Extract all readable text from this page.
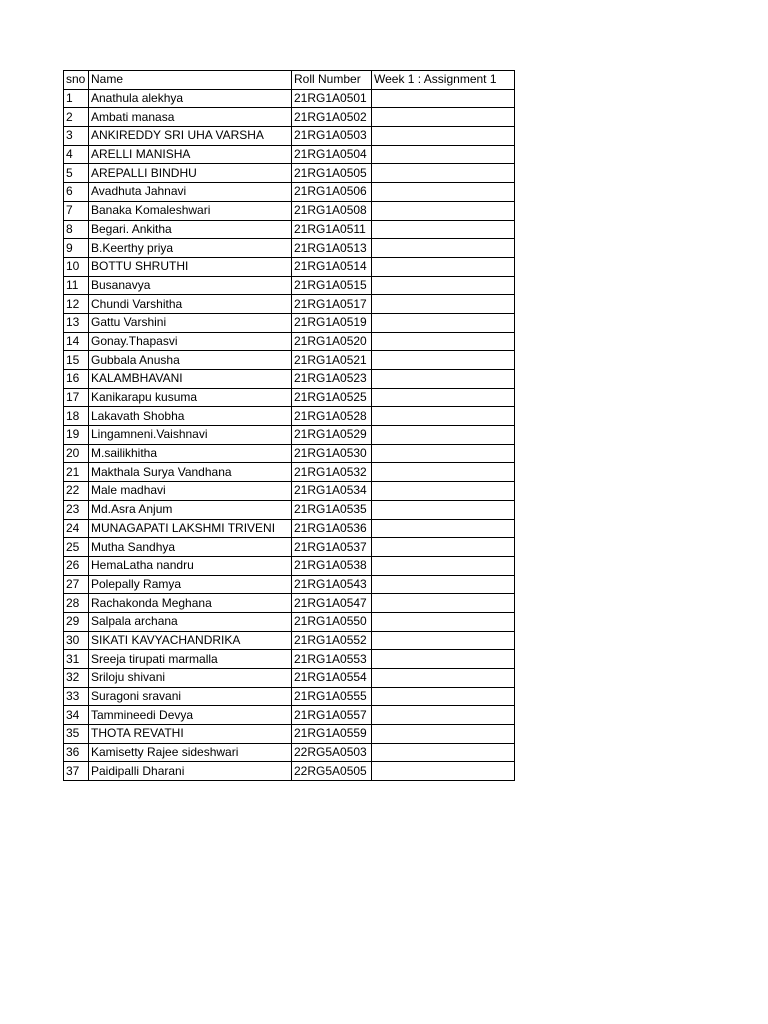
sno	Name	Roll Number	Week 1 : Assignment 1
1	Anathula alekhya	21RG1A0501	
2	Ambati manasa	21RG1A0502	
3	ANKIREDDY SRI UHA VARSHA	21RG1A0503	
4	ARELLI MANISHA	21RG1A0504	
5	AREPALLI BINDHU	21RG1A0505	
6	Avadhuta Jahnavi	21RG1A0506	
7	Banaka Komaleshwari	21RG1A0508	
8	Begari. Ankitha	21RG1A0511	
9	B.Keerthy priya	21RG1A0513	
10	BOTTU SHRUTHI	21RG1A0514	
11	Busanavya	21RG1A0515	
12	Chundi Varshitha	21RG1A0517	
13	Gattu Varshini	21RG1A0519	
14	Gonay.Thapasvi	21RG1A0520	
15	Gubbala Anusha	21RG1A0521	
16	KALAMBHAVANI	21RG1A0523	
17	Kanikarapu kusuma	21RG1A0525	
18	Lakavath Shobha	21RG1A0528	
19	Lingamneni.Vaishnavi	21RG1A0529	
20	M.sailikhitha	21RG1A0530	
21	Makthala Surya Vandhana	21RG1A0532	
22	Male madhavi	21RG1A0534	
23	Md.Asra Anjum	21RG1A0535	
24	MUNAGAPATI LAKSHMI TRIVENI	21RG1A0536	
25	Mutha Sandhya	21RG1A0537	
26	HemaLatha nandru	21RG1A0538	
27	Polepally Ramya	21RG1A0543	
28	Rachakonda Meghana	21RG1A0547	
29	Salpala archana	21RG1A0550	
30	SIKATI KAVYACHANDRIKA	21RG1A0552	
31	Sreeja tirupati marmalla	21RG1A0553	
32	Sriloju shivani	21RG1A0554	
33	Suragoni sravani	21RG1A0555	
34	Tammineedi Devya	21RG1A0557	
35	THOTA REVATHI	21RG1A0559	
36	Kamisetty Rajee sideshwari	22RG5A0503	
37	Paidipalli Dharani	22RG5A0505	
